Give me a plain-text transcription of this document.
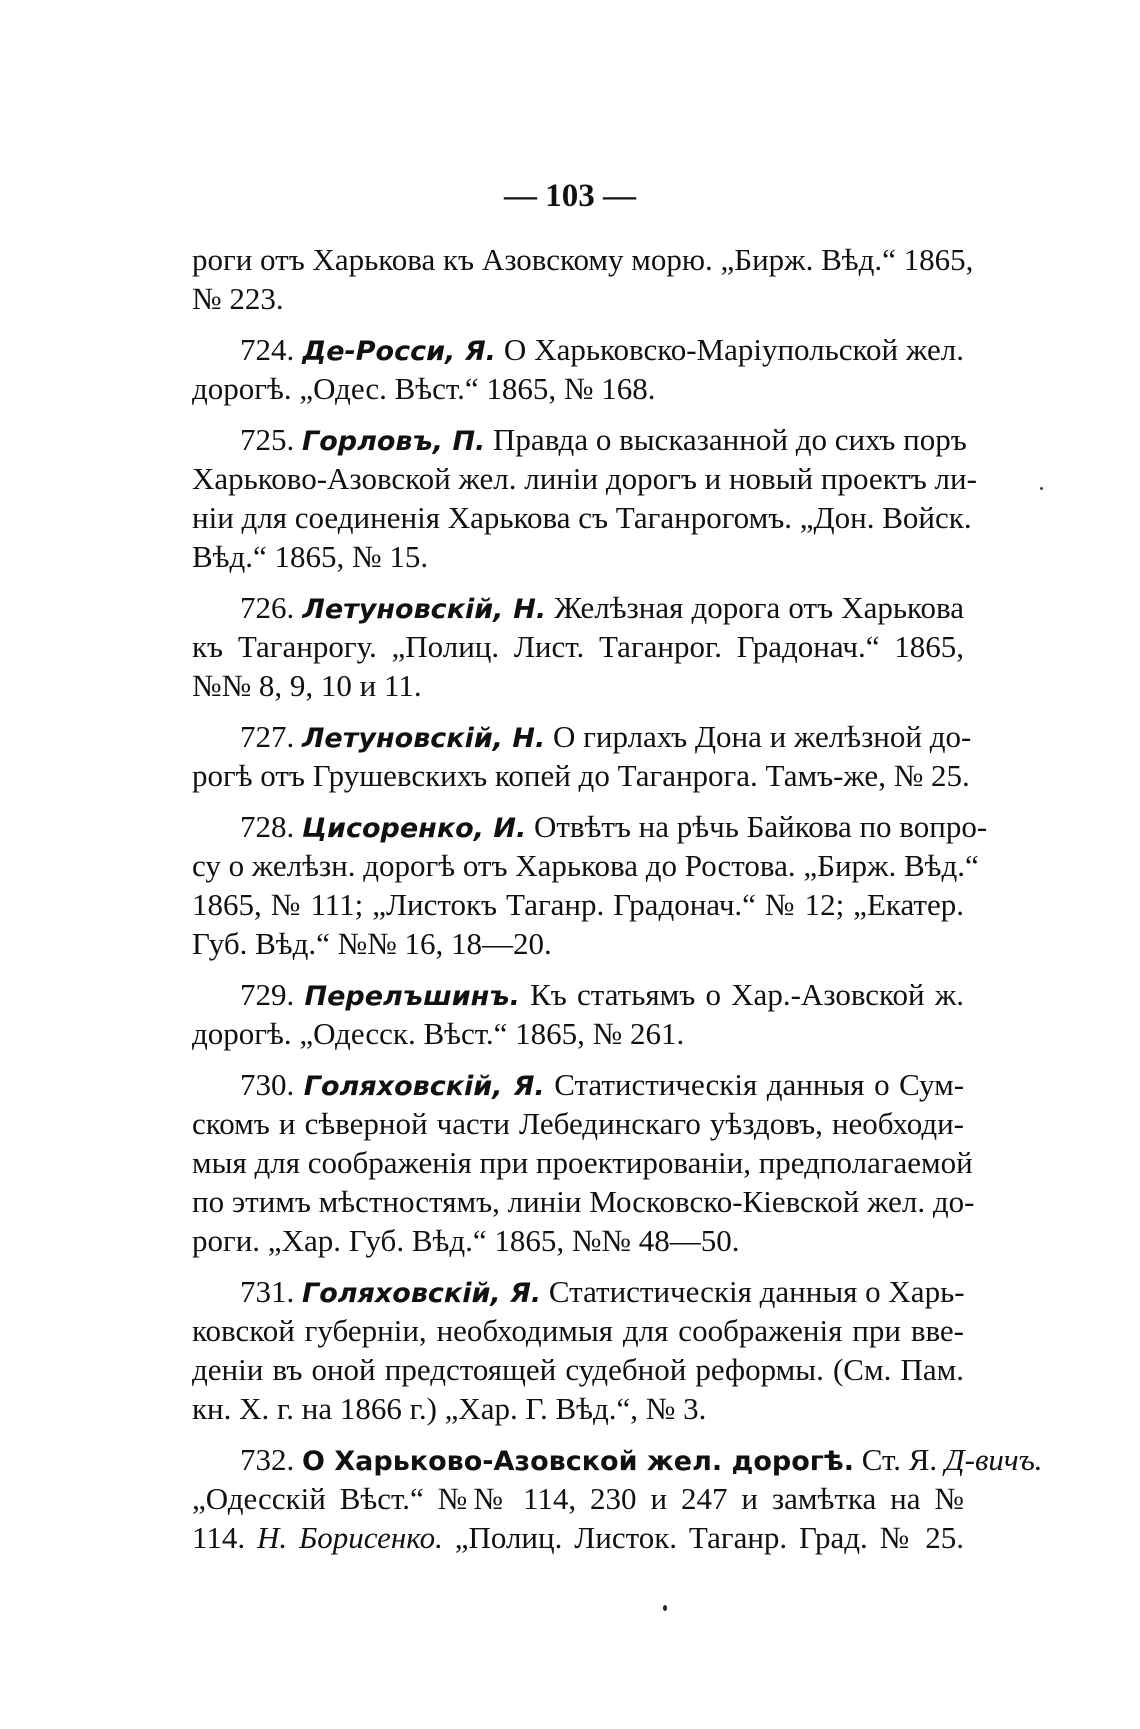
— 103 —
роги отъ Харькова къ Азовскому морю. „Бирж. Вѣд.“ 1865,
№ 223.
724. Де-Росси, Я. О Харьковско-Маріупольской жел.
дорогѣ. „Одес. Вѣст.“ 1865, № 168.
725. Горловъ, П. Правда о высказанной до сихъ поръ
Харьково-Азовской жел. линіи дорогъ и новый проектъ ли-
ніи для соединенія Харькова съ Таганрогомъ. „Дон. Войск.
Вѣд.“ 1865, № 15.
726. Летуновскій, Н. Желѣзная дорога отъ Харькова
къ Таганрогу. „Полиц. Лист. Таганрог. Градонач.“ 1865,
№№ 8, 9, 10 и 11.
727. Летуновскій, Н. О гирлахъ Дона и желѣзной до-
рогѣ отъ Грушевскихъ копей до Таганрога. Тамъ-же, № 25.
728. Цисоренко, И. Отвѣтъ на рѣчь Байкова по вопро-
су о желѣзн. дорогѣ отъ Харькова до Ростова. „Бирж. Вѣд.“
1865, № 111; „Листокъ Таганр. Градонач.“ № 12; „Екатер.
Губ. Вѣд.“ №№ 16, 18—20.
729. Перелъшинъ. Къ статьямъ о Хар.-Азовской ж.
дорогѣ. „Одесск. Вѣст.“ 1865, № 261.
730. Голяховскій, Я. Статистическія данныя о Сум-
скомъ и сѣверной части Лебединскаго уѣздовъ, необходи-
мыя для соображенія при проектированіи, предполагаемой
по этимъ мѣстностямъ, линіи Московско-Кіевской жел. до-
роги. „Хар. Губ. Вѣд.“ 1865, №№ 48—50.
731. Голяховскій, Я. Статистическія данныя о Харь-
ковской губерніи, необходимыя для соображенія при вве-
деніи въ оной предстоящей судебной реформы. (См. Пам.
кн. X. г. на 1866 г.) „Хар. Г. Вѣд.“, № 3.
732. О Харьково-Азовской жел. дорогѣ. Ст. Я. Д-вичъ.
„Одесскій Вѣст.“ №№ 114, 230 и 247 и замѣтка на №
114. Н. Борисенко. „Полиц. Листок. Таганр. Град. № 25.
